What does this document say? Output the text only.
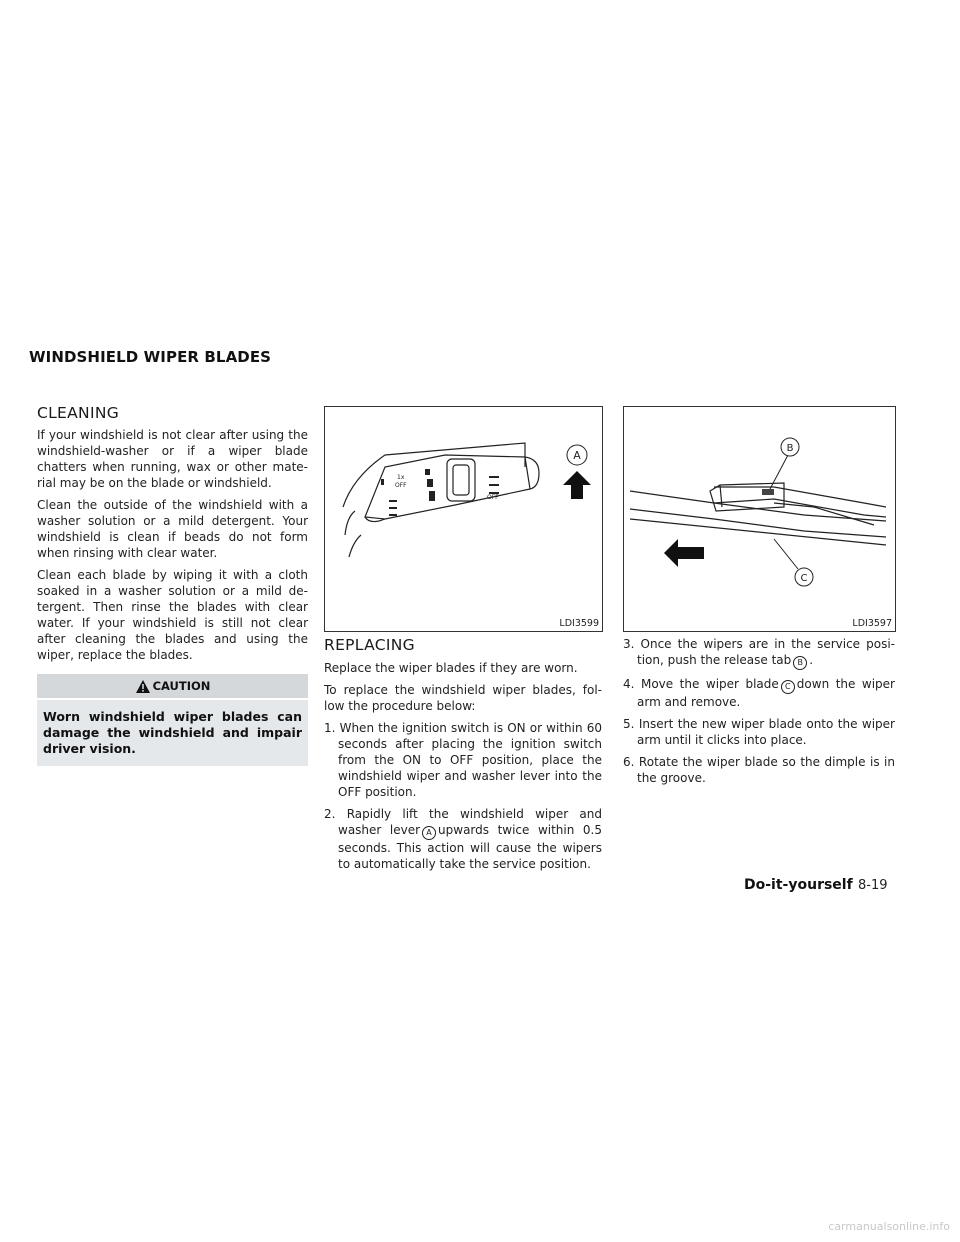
WINDSHIELD WIPER BLADES
CLEANING

If your windshield is not clear after using the windshield-washer or if a wiper blade chatters when running, wax or other mate- rial may be on the blade or windshield.

Clean the outside of the windshield with a washer solution or a mild detergent. Your windshield is clean if beads do not form when rinsing with clear water.

Clean each blade by wiping it with a cloth soaked in a washer solution or a mild de- tergent. Then rinse the blades with clear water. If your windshield is still not clear after cleaning the blades and using the wiper, replace the blades.

CAUTION
Worn windshield wiper blades can damage the windshield and impair driver vision.
1x
OFF
OFF
A
LDI3599
B
C
LDI3597
REPLACING

Replace the wiper blades if they are worn.

To replace the windshield wiper blades, fol- low the procedure below:

1. When the ignition switch is ON or within 60 seconds after placing the ignition switch from the ON to OFF position, place the windshield wiper and washer lever into the OFF position.
2. Rapidly lift the windshield wiper and washer lever A upwards twice within 0.5 seconds. This action will cause the wipers to automatically take the service position.
3. Once the wipers are in the service posi- tion, push the release tab B .
4. Move the wiper blade C down the wiper arm and remove.
5. Insert the new wiper blade onto the wiper arm until it clicks into place.
6. Rotate the wiper blade so the dimple is in the groove.
Do-it-yourself 8-19
carmanualsonline.info
